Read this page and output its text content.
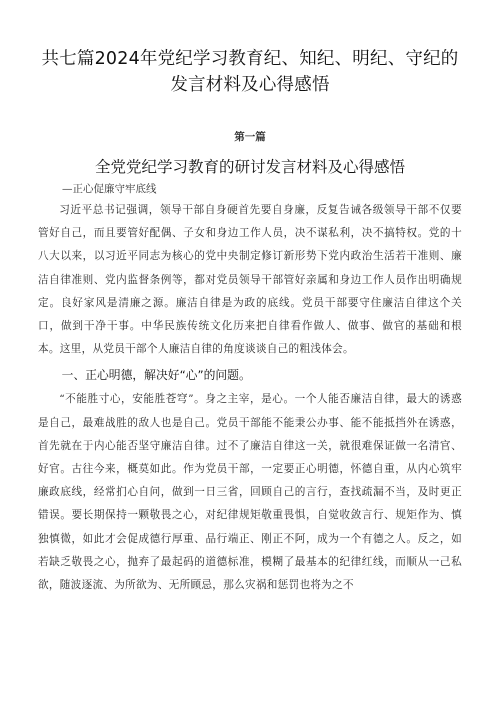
共七篇2024年党纪学习教育纪、知纪、明纪、守纪的
发言材料及心得感悟
第一篇
全党党纪学习教育的研讨发言材料及心得感悟
—正心促廉守牢底线

习近平总书记强调，领导干部自身硬首先要自身廉，反复告诫各级领导干部不仅要管好自己，而且要管好配偶、子女和身边工作人员，决不谋私利，决不搞特权。党的十八大以来，以习近平同志为核心的党中央制定修订新形势下党内政治生活若干准则、廉洁自律准则、党内监督条例等，都对党员领导干部管好亲属和身边工作人员作出明确规定。良好家风是清廉之源。廉洁自律是为政的底线。党员干部要守住廉洁自律这个关口，做到干净干事。中华民族传统文化历来把自律看作做人、做事、做官的基础和根本。这里，从党员干部个人廉洁自律的角度谈谈自己的粗浅体会。

一、正心明德，解决好“心”的问题。

“不能胜寸心，安能胜苍穹”。身之主宰，是心。一个人能否廉洁自律，最大的诱惑是自己，最难战胜的敌人也是自己。党员干部能不能秉公办事、能不能抵挡外在诱惑，首先就在于内心能否坚守廉洁自律。过不了廉洁自律这一关，就很难保证做一名清官、好官。古往今来，概莫如此。作为党员干部，一定要正心明德，怀德自重，从内心筑牢廉政底线，经常扪心自问，做到一日三省，回顾自己的言行，查找疏漏不当，及时更正错误。要长期保持一颗敬畏之心，对纪律规矩敬重畏惧，自觉收敛言行、规矩作为、慎独慎微，如此才会促成德行厚重、品行端正、刚正不阿，成为一个有德之人。反之，如若缺乏敬畏之心，抛弃了最起码的道德标准，模糊了最基本的纪律红线，而顺从一己私欲，随波逐流、为所欲为、无所顾忌，那么灾祸和惩罚也将为之不
